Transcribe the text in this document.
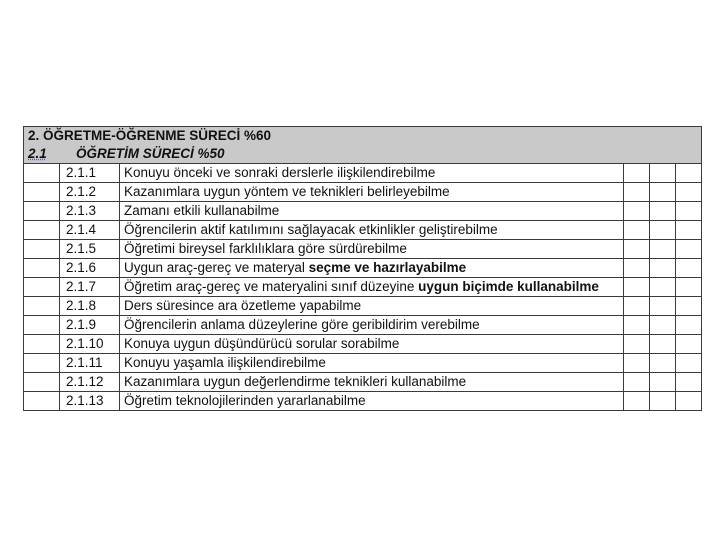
2. ÖĞRETME-ÖĞRENME SÜRECİ %60					
2.1 ÖĞRETİM SÜRECİ %50					
	2.1.1	Konuyu önceki ve sonraki derslerle ilişkilendirebilme			
	2.1.2	Kazanımlara uygun yöntem ve teknikleri belirleyebilme			
	2.1.3	Zamanı etkili kullanabilme			
	2.1.4	Öğrencilerin aktif katılımını sağlayacak etkinlikler geliştirebilme			
	2.1.5	Öğretimi bireysel farklılıklara göre sürdürebilme			
	2.1.6	Uygun araç-gereç ve materyal seçme ve hazırlayabilme			
	2.1.7	Öğretim araç-gereç ve materyalini sınıf düzeyine uygun biçimde kullanabilme			
	2.1.8	Ders süresince ara özetleme yapabilme			
	2.1.9	Öğrencilerin anlama düzeylerine göre geribildirim verebilme			
	2.1.10	Konuya uygun düşündürücü sorular sorabilme			
	2.1.11	Konuyu yaşamla ilişkilendirebilme			
	2.1.12	Kazanımlara uygun değerlendirme teknikleri kullanabilme			
	2.1.13	Öğretim teknolojilerinden yararlanabilme			
